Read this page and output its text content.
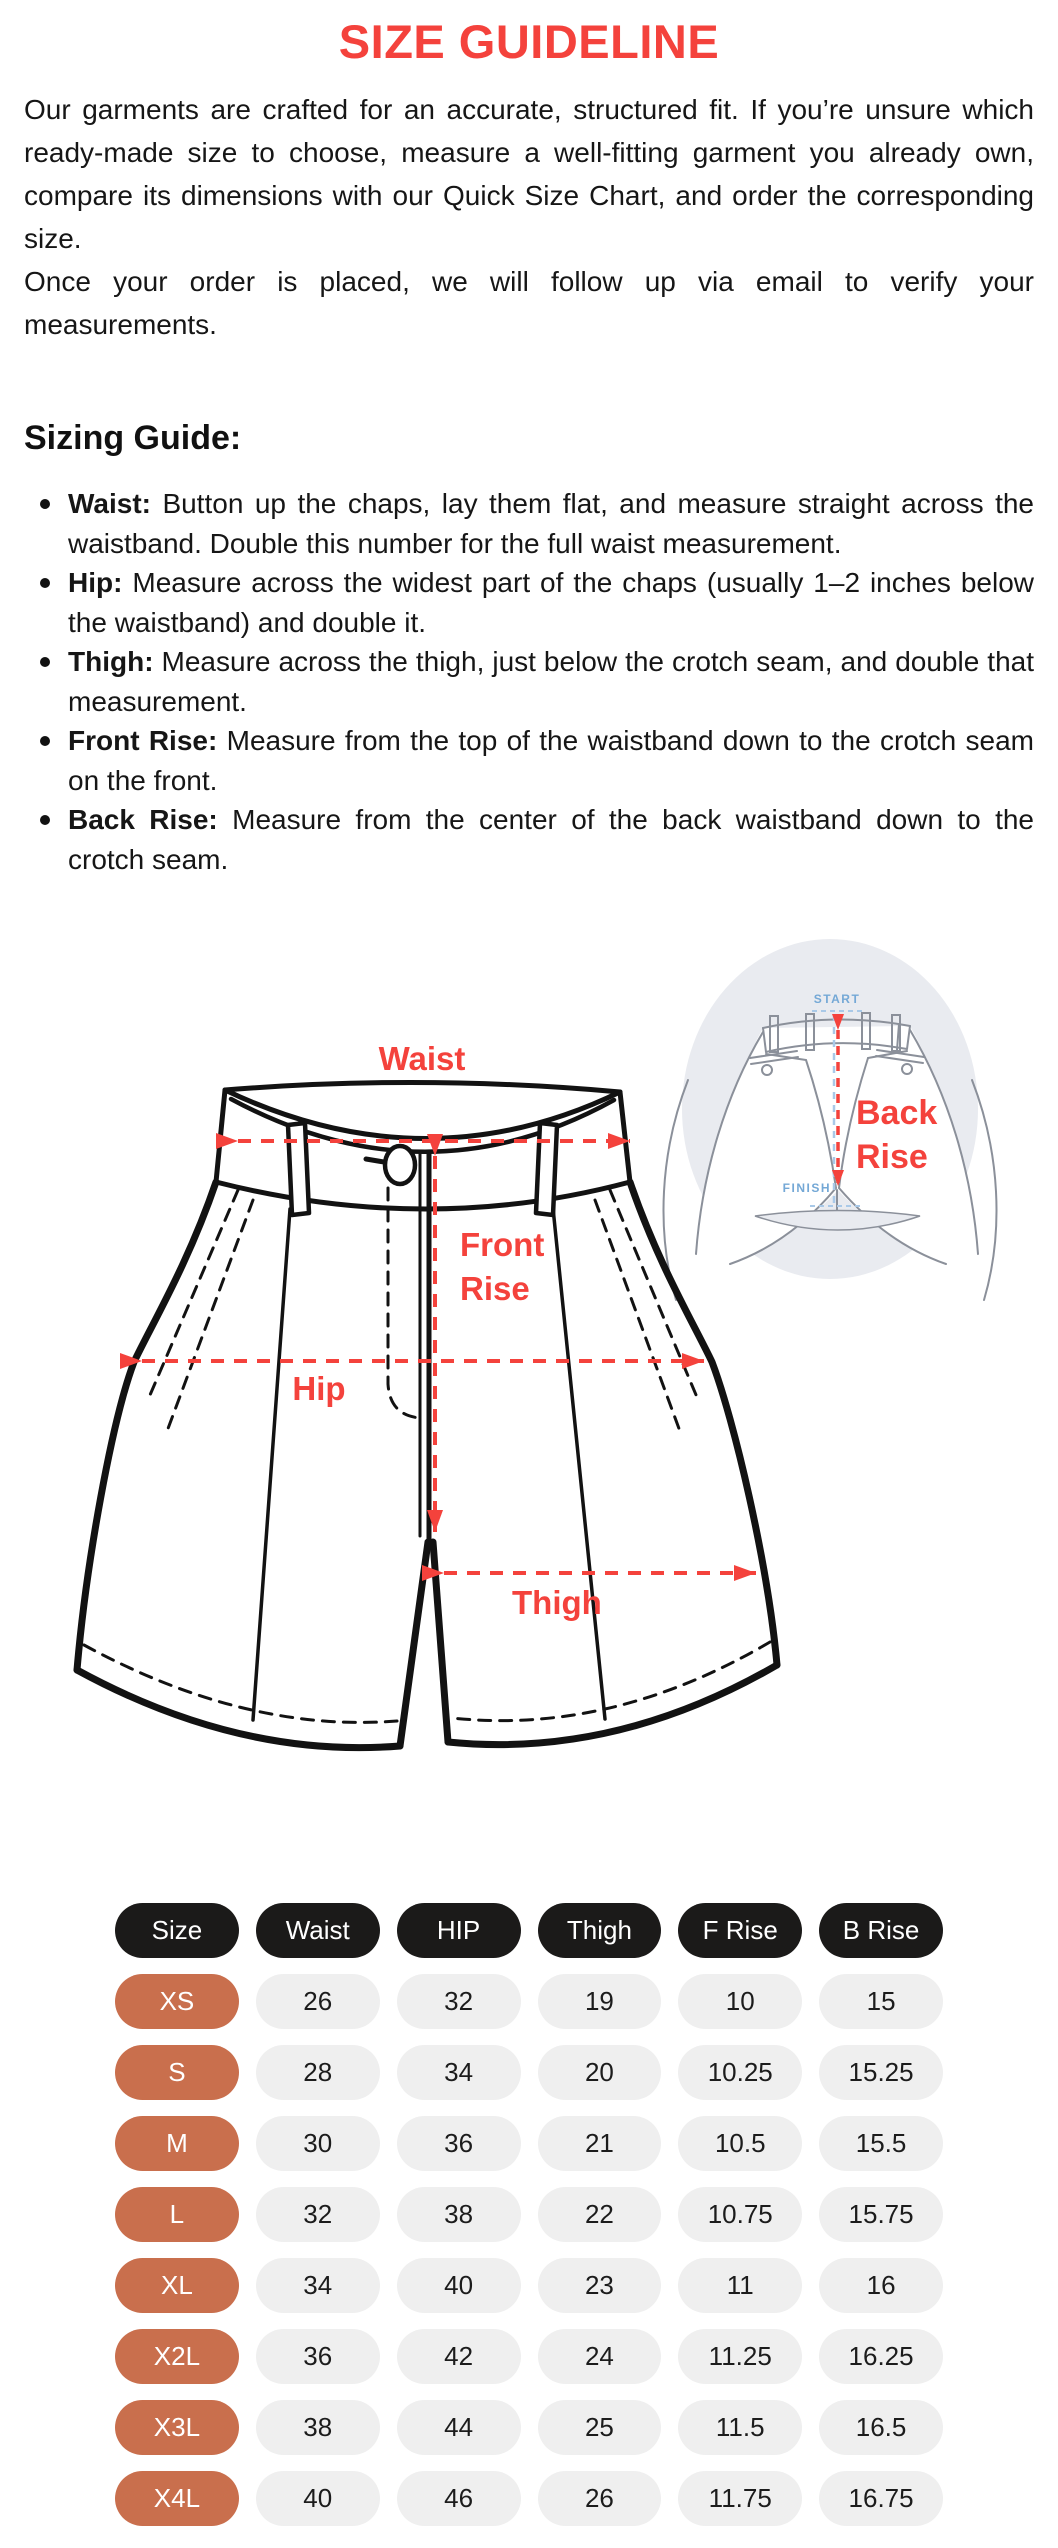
SIZE GUIDELINE

Our garments are crafted for an accurate, structured fit. If you’re unsure which ready-made size to choose, measure a well-fitting garment you already own, compare its dimensions with our Quick Size Chart, and order the corresponding size.

Once your order is placed, we will follow up via email to verify your measurements.

Sizing Guide:
Waist: Button up the chaps, lay them flat, and measure straight across the waistband. Double this number for the full waist measurement.
Hip: Measure across the widest part of the chaps (usually 1–2 inches below the waistband) and double it.
Thigh: Measure across the thigh, just below the crotch seam, and double that measurement.
Front Rise: Measure from the top of the waistband down to the crotch seam on the front.
Back Rise: Measure from the center of the back waistband down to the crotch seam.
START
FINISH
Back
Rise
Waist
Front
Rise
Hip
Thigh
Size	Waist	HIP	Thigh	F Rise	B Rise
XS	26	32	19	10	15
S	28	34	20	10.25	15.25
M	30	36	21	10.5	15.5
L	32	38	22	10.75	15.75
XL	34	40	23	11	16
X2L	36	42	24	11.25	16.25
X3L	38	44	25	11.5	16.5
X4L	40	46	26	11.75	16.75
